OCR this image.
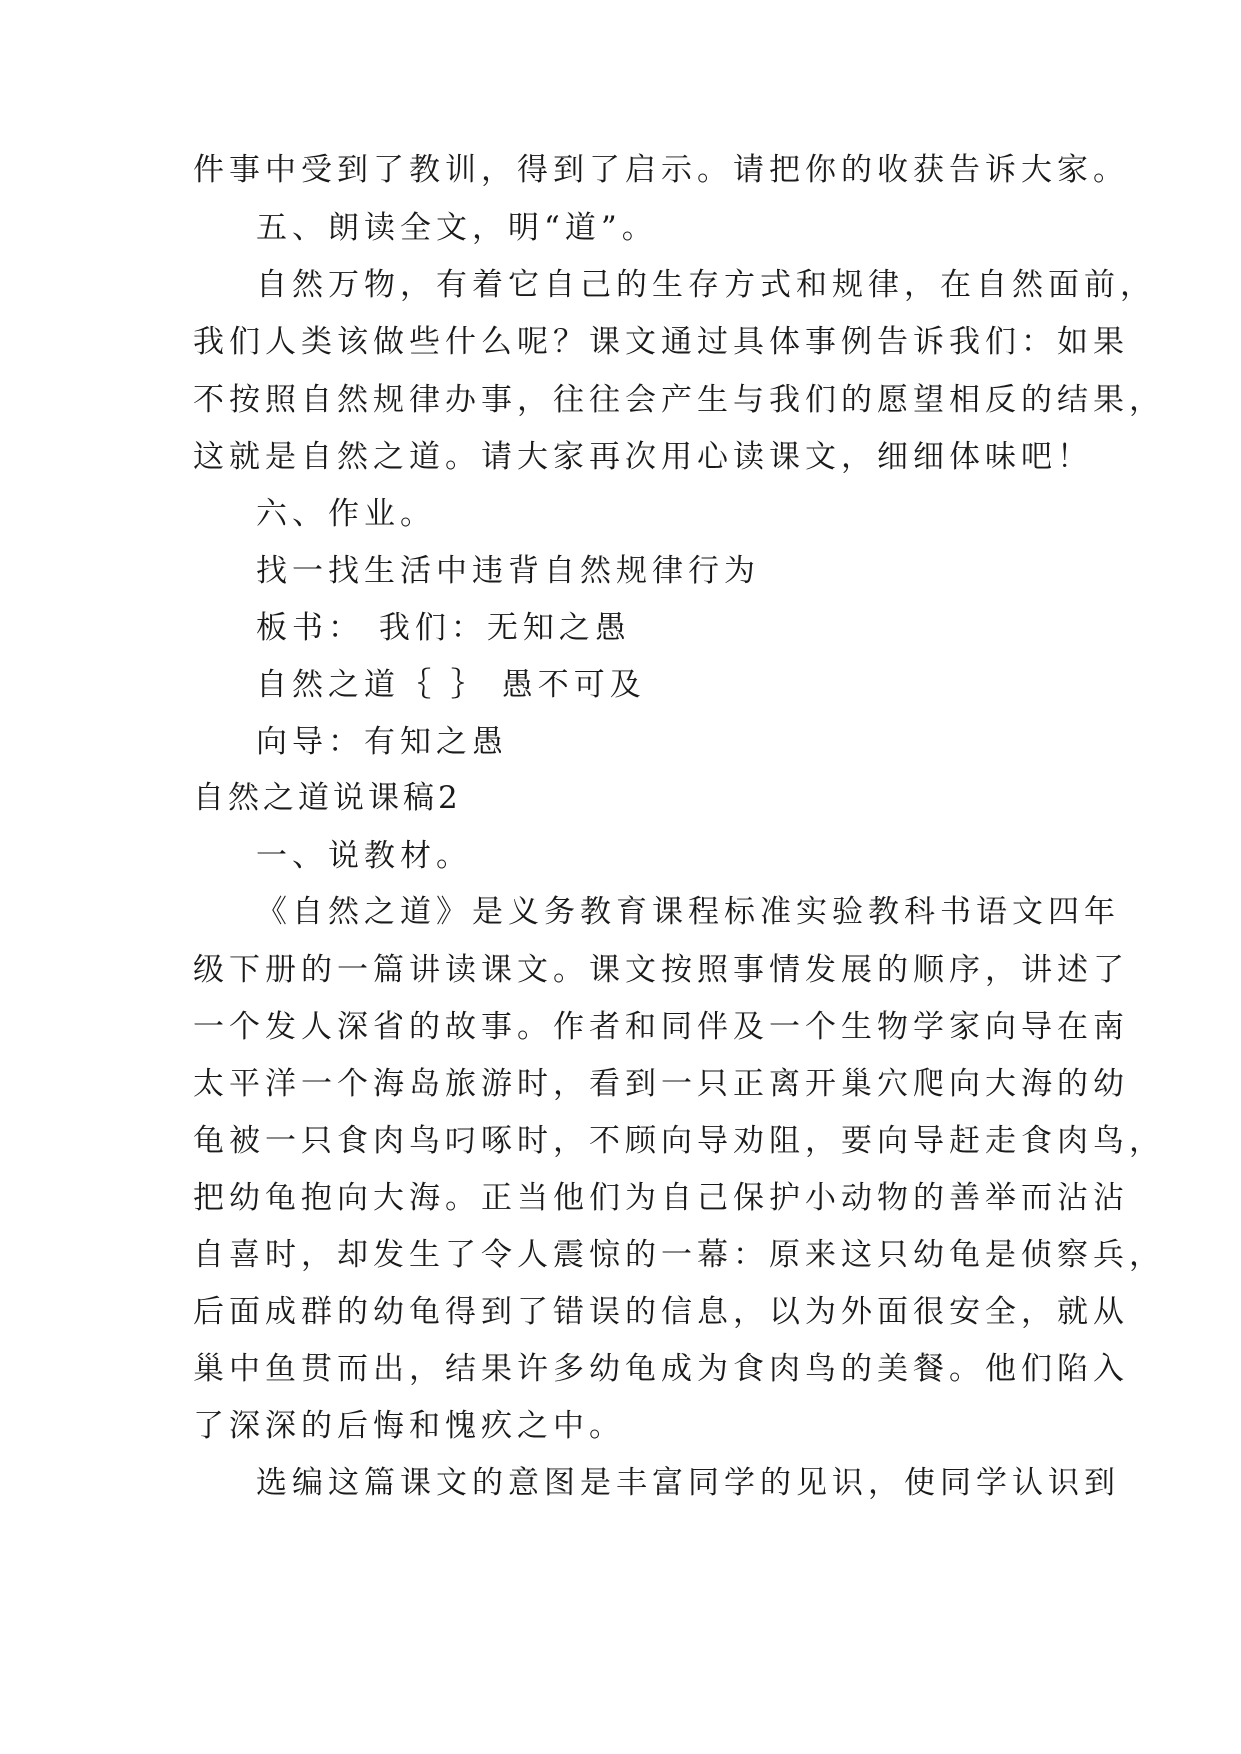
件事中受到了教训，得到了启示。请把你的收获告诉大家。
五、朗读全文，明“道”。
自然万物，有着它自己的生存方式和规律，在自然面前，
我们人类该做些什么呢？课文通过具体事例告诉我们：如果
不按照自然规律办事，往往会产生与我们的愿望相反的结果，
这就是自然之道。请大家再次用心读课文，细细体味吧！
六、作业。
找一找生活中违背自然规律行为
板书： 我们：无知之愚
自然之道｛ ｝ 愚不可及
向导：有知之愚
自然之道说课稿2
一、说教材。
《自然之道》是义务教育课程标准实验教科书语文四年
级下册的一篇讲读课文。课文按照事情发展的顺序，讲述了
一个发人深省的故事。作者和同伴及一个生物学家向导在南
太平洋一个海岛旅游时，看到一只正离开巢穴爬向大海的幼
龟被一只食肉鸟叼啄时，不顾向导劝阻，要向导赶走食肉鸟，
把幼龟抱向大海。正当他们为自己保护小动物的善举而沾沾
自喜时，却发生了令人震惊的一幕：原来这只幼龟是侦察兵，
后面成群的幼龟得到了错误的信息，以为外面很安全，就从
巢中鱼贯而出，结果许多幼龟成为食肉鸟的美餐。他们陷入
了深深的后悔和愧疚之中。
选编这篇课文的意图是丰富同学的见识，使同学认识到
